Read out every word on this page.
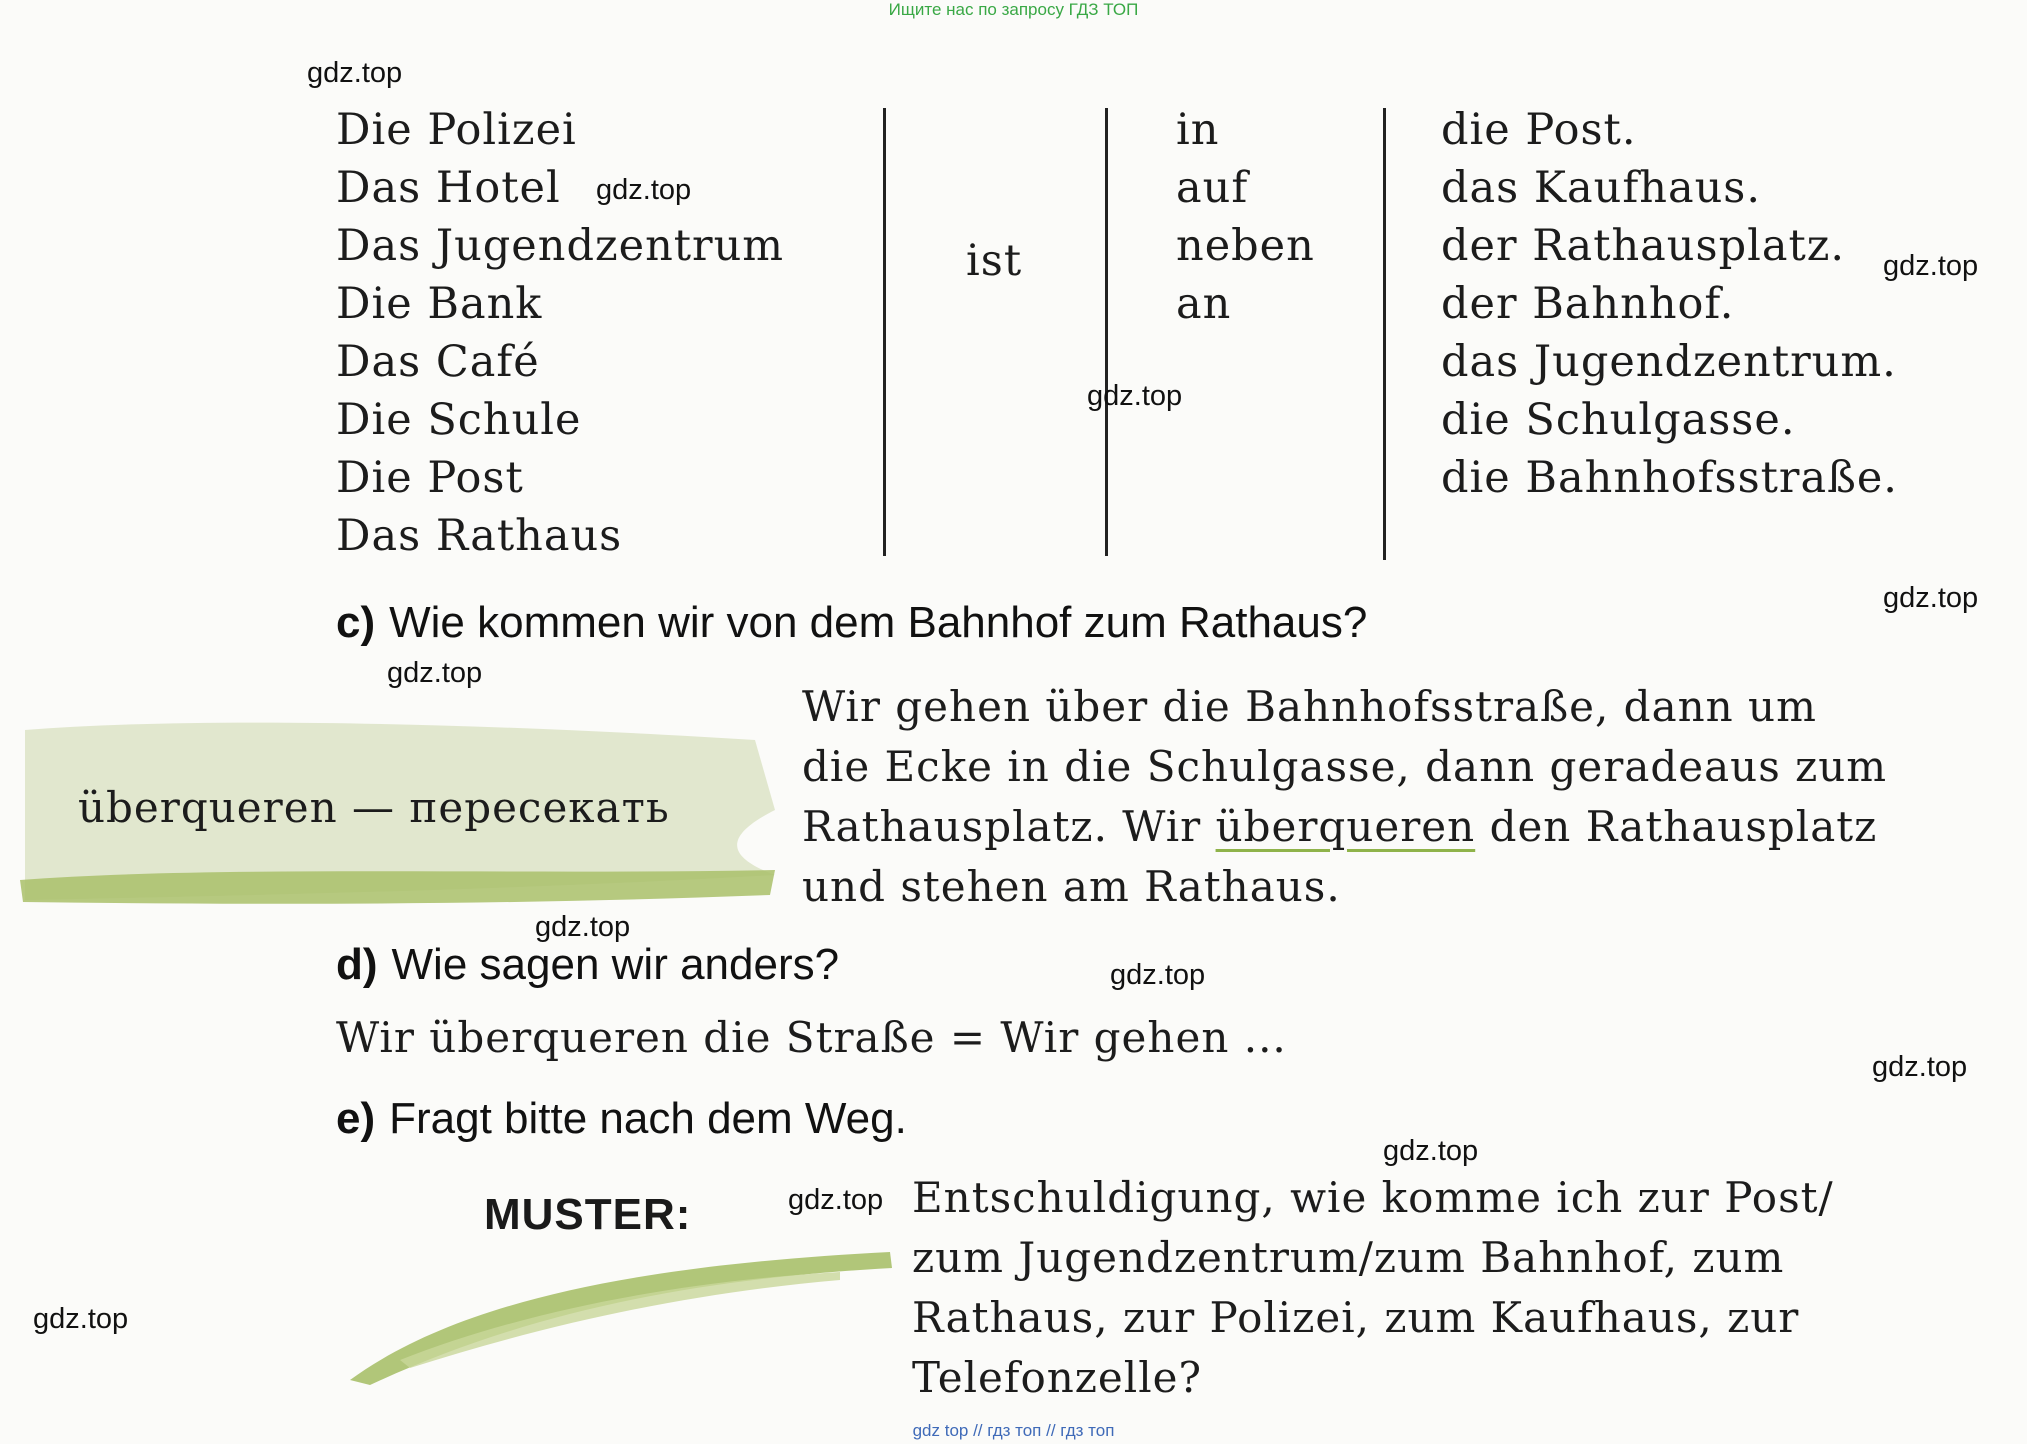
Ищите нас по запросу ГДЗ ТОП
gdz top // гдз топ // гдз топ
Die Polizei
Das Hotel
Das Jugendzentrum
Die Bank
Das Café
Die Schule
Die Post
Das Rathaus
ist
in
auf
neben
an
die Post.
das Kaufhaus.
der Rathausplatz.
der Bahnhof.
das Jugendzentrum.
die Schulgasse.
die Bahnhofsstraße.
c) Wie kommen wir von dem Bahnhof zum Rathaus?
überqueren — пересекать
Wir gehen über die Bahnhofsstraße, dann um
die Ecke in die Schulgasse, dann geradeaus zum
Rathausplatz. Wir überqueren den Rathausplatz
und stehen am Rathaus.
d) Wie sagen wir anders?
Wir überqueren die Straße = Wir gehen ...
e) Fragt bitte nach dem Weg.
MUSTER:	Entschuldigung, wie komme ich zur Post/
zum Jugendzentrum/zum Bahnhof, zum
Rathaus, zur Polizei, zum Kaufhaus, zur
Telefonzelle?
gdz.top
gdz.top
gdz.top
gdz.top
gdz.top
gdz.top
gdz.top
gdz.top
gdz.top
gdz.top
gdz.top
gdz.top
